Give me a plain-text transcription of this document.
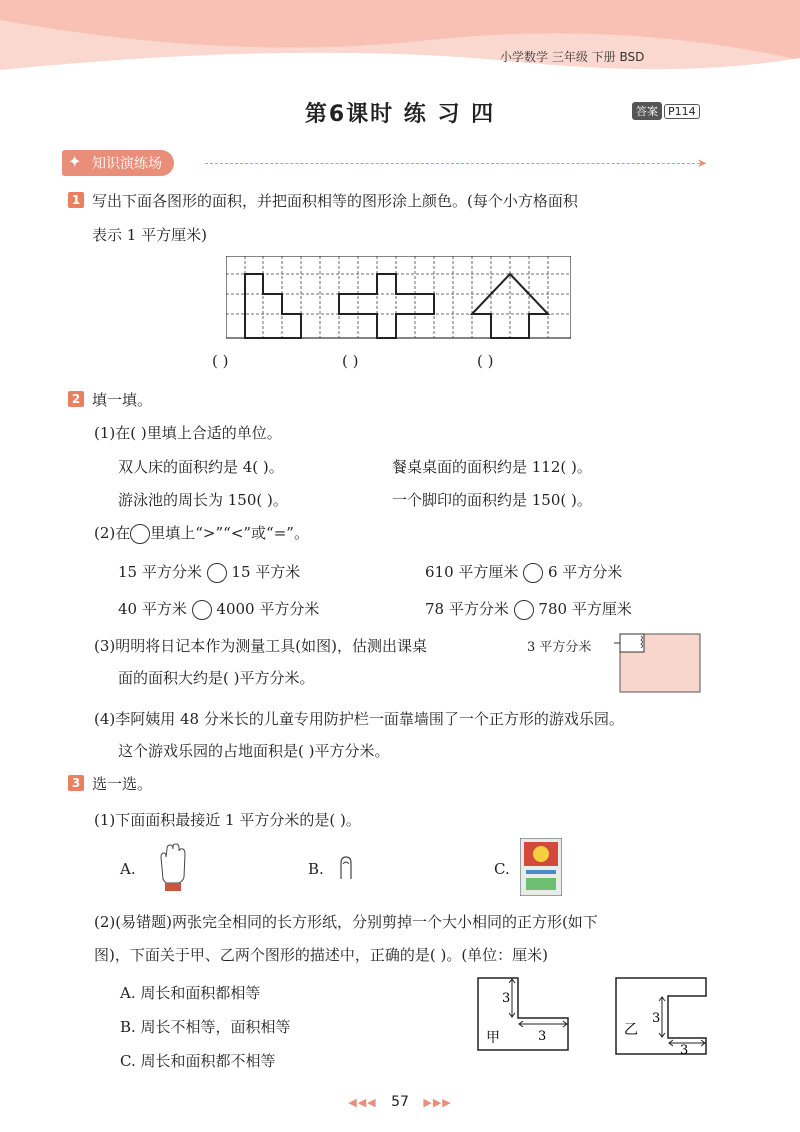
小学数学 三年级 下册 BSD
第6课时 练 习 四	答案 P114
✦ 知识演练场	➤
1 写出下面各图形的面积，并把面积相等的图形涂上颜色。(每个小方格面积
表示 1 平方厘米)
( )	( )	( )
2 填一填。
(1)在( )里填上合适的单位。
双人床的面积约是 4( )。	餐桌桌面的面积约是 112( )。
游泳池的周长为 150( )。	一个脚印的面积约是 150( )。
(2)在 里填上“>”“<”或“=”。
15 平方分米 15 平方米	610 平方厘米 6 平方分米
40 平方米 4000 平方分米	78 平方分米 780 平方厘米
(3)明明将日记本作为测量工具(如图)，估测出课桌
面的面积大约是( )平方分米。
3 平方分米
(4)李阿姨用 48 分米长的儿童专用防护栏一面靠墙围了一个正方形的游戏乐园。
这个游戏乐园的占地面积是( )平方分米。
3 选一选。
(1)下面面积最接近 1 平方分米的是( )。
A.	B.	C.
(2)(易错题)两张完全相同的长方形纸，分别剪掉一个大小相同的正方形(如下
图)，下面关于甲、乙两个图形的描述中，正确的是( )。(单位：厘米)
A. 周长和面积都相等
B. 周长不相等，面积相等
C. 周长和面积都不相等
3
3
甲
3
3
乙
◀◀◀ 57 ▶▶▶
